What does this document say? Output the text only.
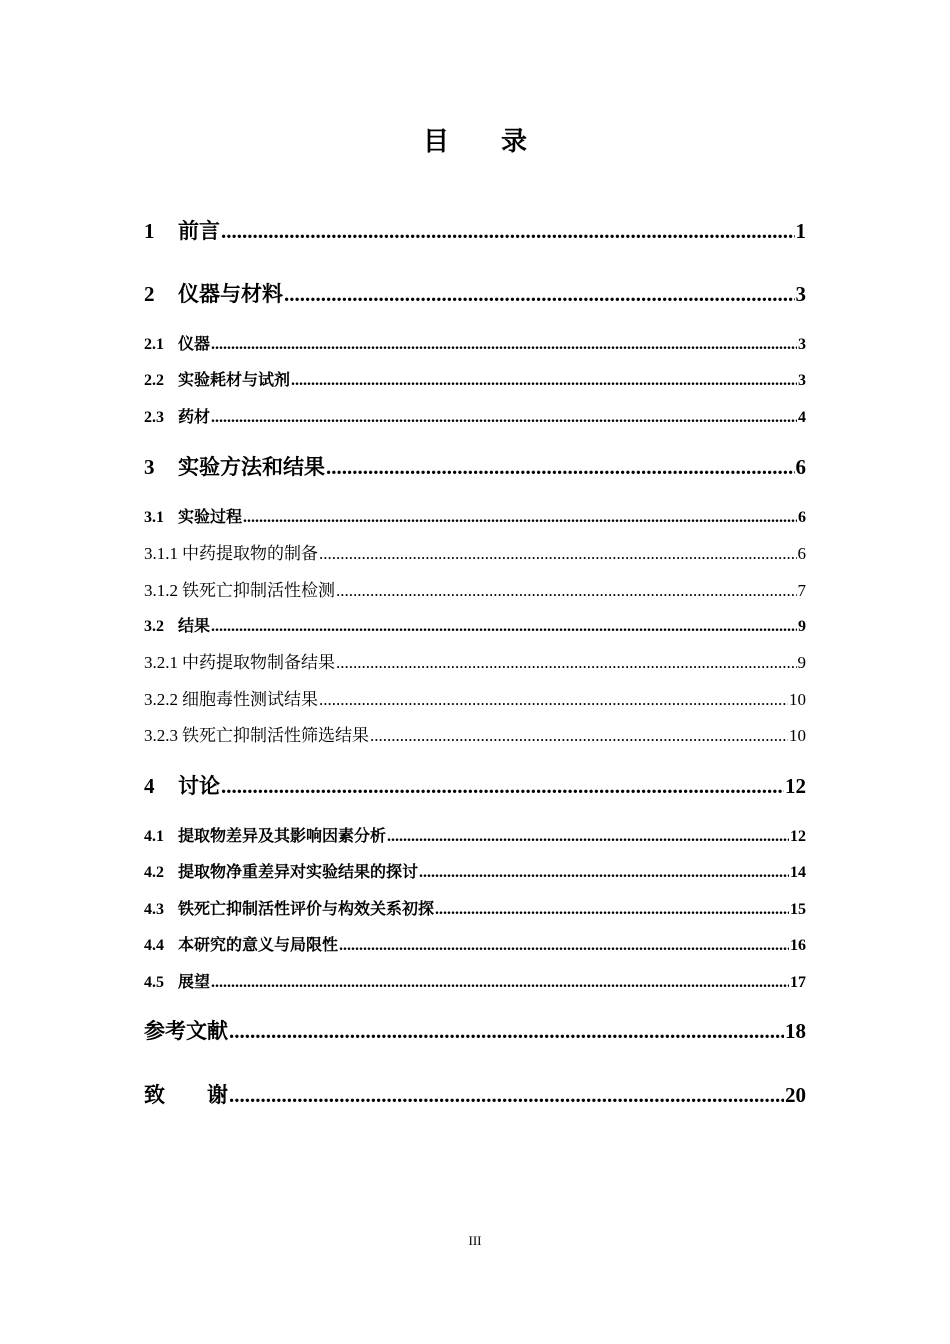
目　　录
1	前言 .....	1
2	仪器与材料 .....	3
2.1 仪器 .....	3
2.2 实验耗材与试剂 .....	3
2.3 药材 .....	4
3	实验方法和结果 .....	6
3.1 实验过程 .....	6
3.1.1 中药提取物的制备 .....	6
3.1.2 铁死亡抑制活性检测 .....	7
3.2 结果 .....	9
3.2.1 中药提取物制备结果 .....	9
3.2.2 细胞毒性测试结果 .....	10
3.2.3 铁死亡抑制活性筛选结果 .....	10
4	讨论 .....	12
4.1 提取物差异及其影响因素分析 .....	12
4.2 提取物净重差异对实验结果的探讨 .....	14
4.3 铁死亡抑制活性评价与构效关系初探 .....	15
4.4 本研究的意义与局限性 .....	16
4.5 展望 .....	17
参考文献 .....	18
致　　谢 .....	20
III
